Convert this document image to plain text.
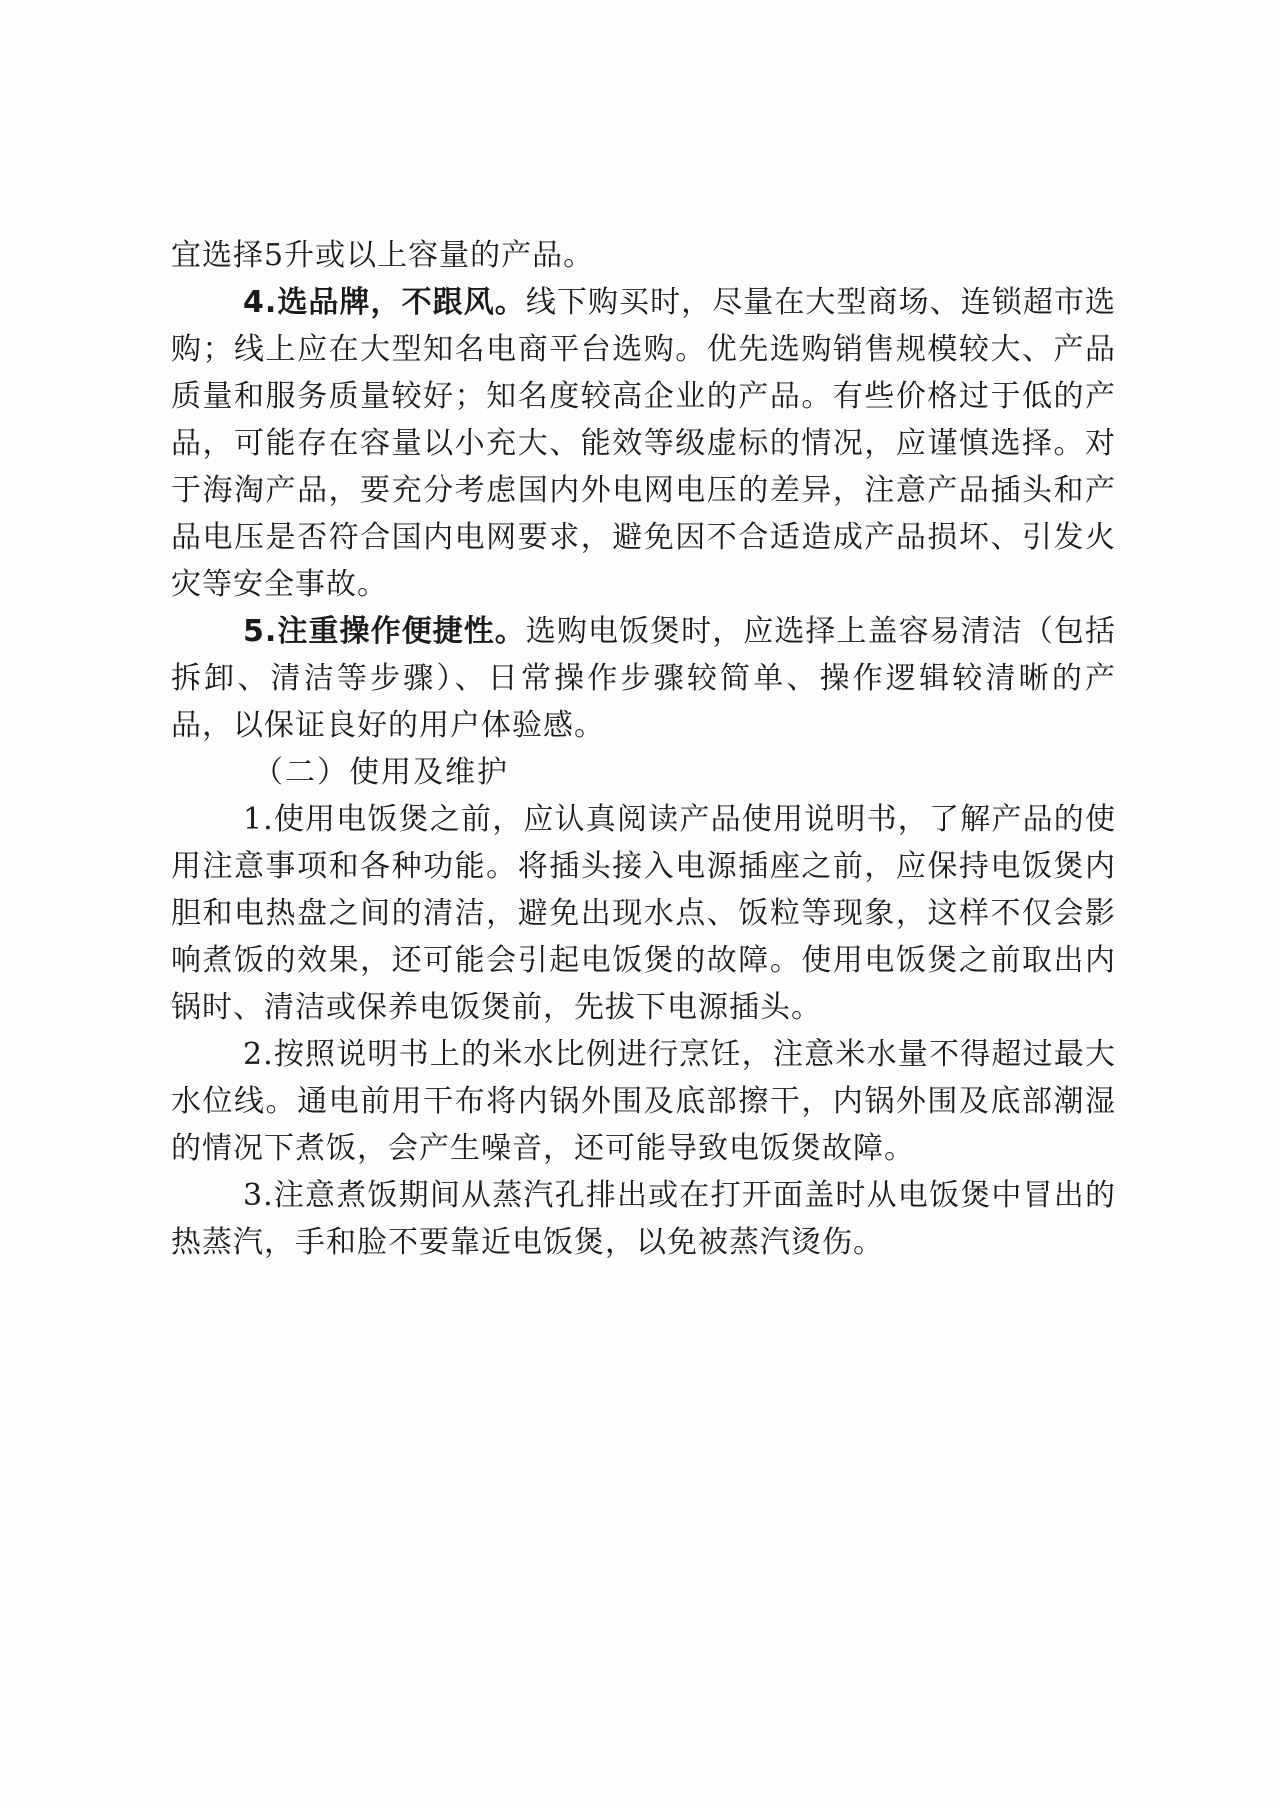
宜选择5升或以上容量的产品。

4.选品牌，不跟风。线下购买时，尽量在大型商场、连锁超市选购；线上应在大型知名电商平台选购。优先选购销售规模较大、产品质量和服务质量较好；知名度较高企业的产品。有些价格过于低的产品，可能存在容量以小充大、能效等级虚标的情况，应谨慎选择。对于海淘产品，要充分考虑国内外电网电压的差异，注意产品插头和产品电压是否符合国内电网要求，避免因不合适造成产品损坏、引发火灾等安全事故。

5.注重操作便捷性。选购电饭煲时，应选择上盖容易清洁（包括拆卸、清洁等步骤）、日常操作步骤较简单、操作逻辑较清晰的产品，以保证良好的用户体验感。

（二）使用及维护

1.使用电饭煲之前，应认真阅读产品使用说明书，了解产品的使用注意事项和各种功能。将插头接入电源插座之前，应保持电饭煲内胆和电热盘之间的清洁，避免出现水点、饭粒等现象，这样不仅会影响煮饭的效果，还可能会引起电饭煲的故障。使用电饭煲之前取出内锅时、清洁或保养电饭煲前，先拔下电源插头。

2.按照说明书上的米水比例进行烹饪，注意米水量不得超过最大水位线。通电前用干布将内锅外围及底部擦干，内锅外围及底部潮湿的情况下煮饭，会产生噪音，还可能导致电饭煲故障。

3.注意煮饭期间从蒸汽孔排出或在打开面盖时从电饭煲中冒出的热蒸汽，手和脸不要靠近电饭煲，以免被蒸汽烫伤。
